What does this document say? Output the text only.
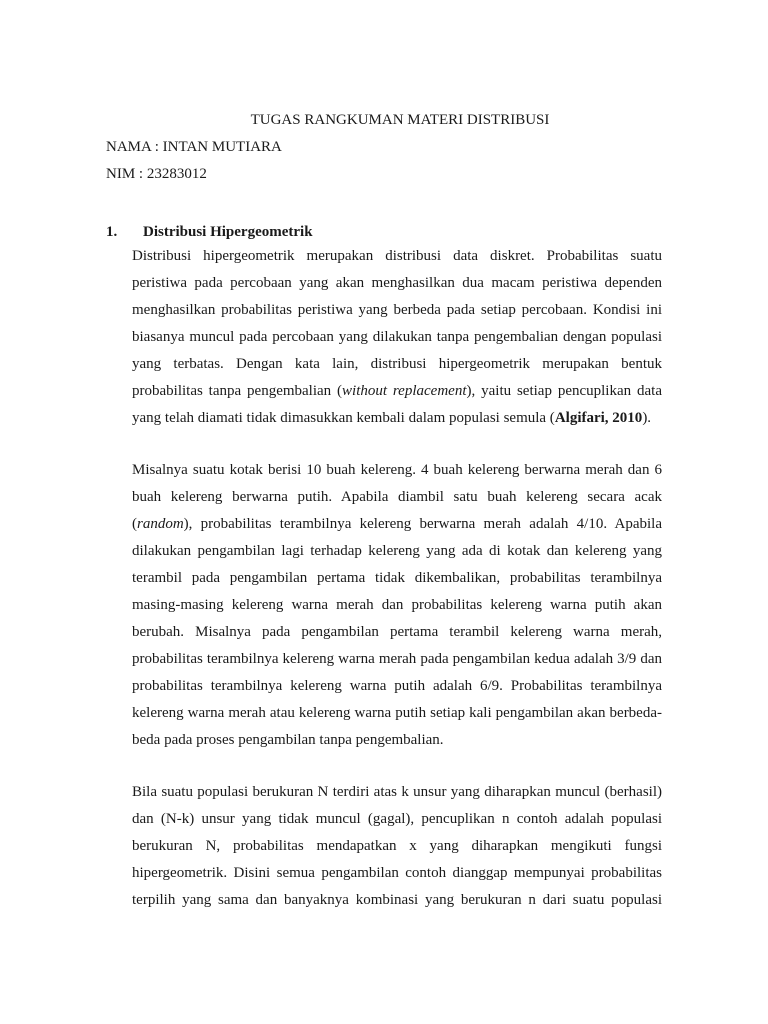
TUGAS RANGKUMAN MATERI DISTRIBUSI
NAMA : INTAN MUTIARA
NIM : 23283012
1. Distribusi Hipergeometrik

Distribusi hipergeometrik merupakan distribusi data diskret. Probabilitas suatu peristiwa pada percobaan yang akan menghasilkan dua macam peristiwa dependen menghasilkan probabilitas peristiwa yang berbeda pada setiap percobaan. Kondisi ini biasanya muncul pada percobaan yang dilakukan tanpa pengembalian dengan populasi yang terbatas. Dengan kata lain, distribusi hipergeometrik merupakan bentuk probabilitas tanpa pengembalian (without replacement), yaitu setiap pencuplikan data yang telah diamati tidak dimasukkan kembali dalam populasi semula (Algifari, 2010).

Misalnya suatu kotak berisi 10 buah kelereng. 4 buah kelereng berwarna merah dan 6 buah kelereng berwarna putih. Apabila diambil satu buah kelereng secara acak (random), probabilitas terambilnya kelereng berwarna merah adalah 4/10. Apabila dilakukan pengambilan lagi terhadap kelereng yang ada di kotak dan kelereng yang terambil pada pengambilan pertama tidak dikembalikan, probabilitas terambilnya masing-masing kelereng warna merah dan probabilitas kelereng warna putih akan berubah. Misalnya pada pengambilan pertama terambil kelereng warna merah, probabilitas terambilnya kelereng warna merah pada pengambilan kedua adalah 3/9 dan probabilitas terambilnya kelereng warna putih adalah 6/9. Probabilitas terambilnya kelereng warna merah atau kelereng warna putih setiap kali pengambilan akan berbeda-beda pada proses pengambilan tanpa pengembalian.

Bila suatu populasi berukuran N terdiri atas k unsur yang diharapkan muncul (berhasil) dan (N-k) unsur yang tidak muncul (gagal), pencuplikan n contoh adalah populasi berukuran N, probabilitas mendapatkan x yang diharapkan mengikuti fungsi hipergeometrik. Disini semua pengambilan contoh dianggap mempunyai probabilitas terpilih yang sama dan banyaknya kombinasi yang berukuran n dari suatu populasi
